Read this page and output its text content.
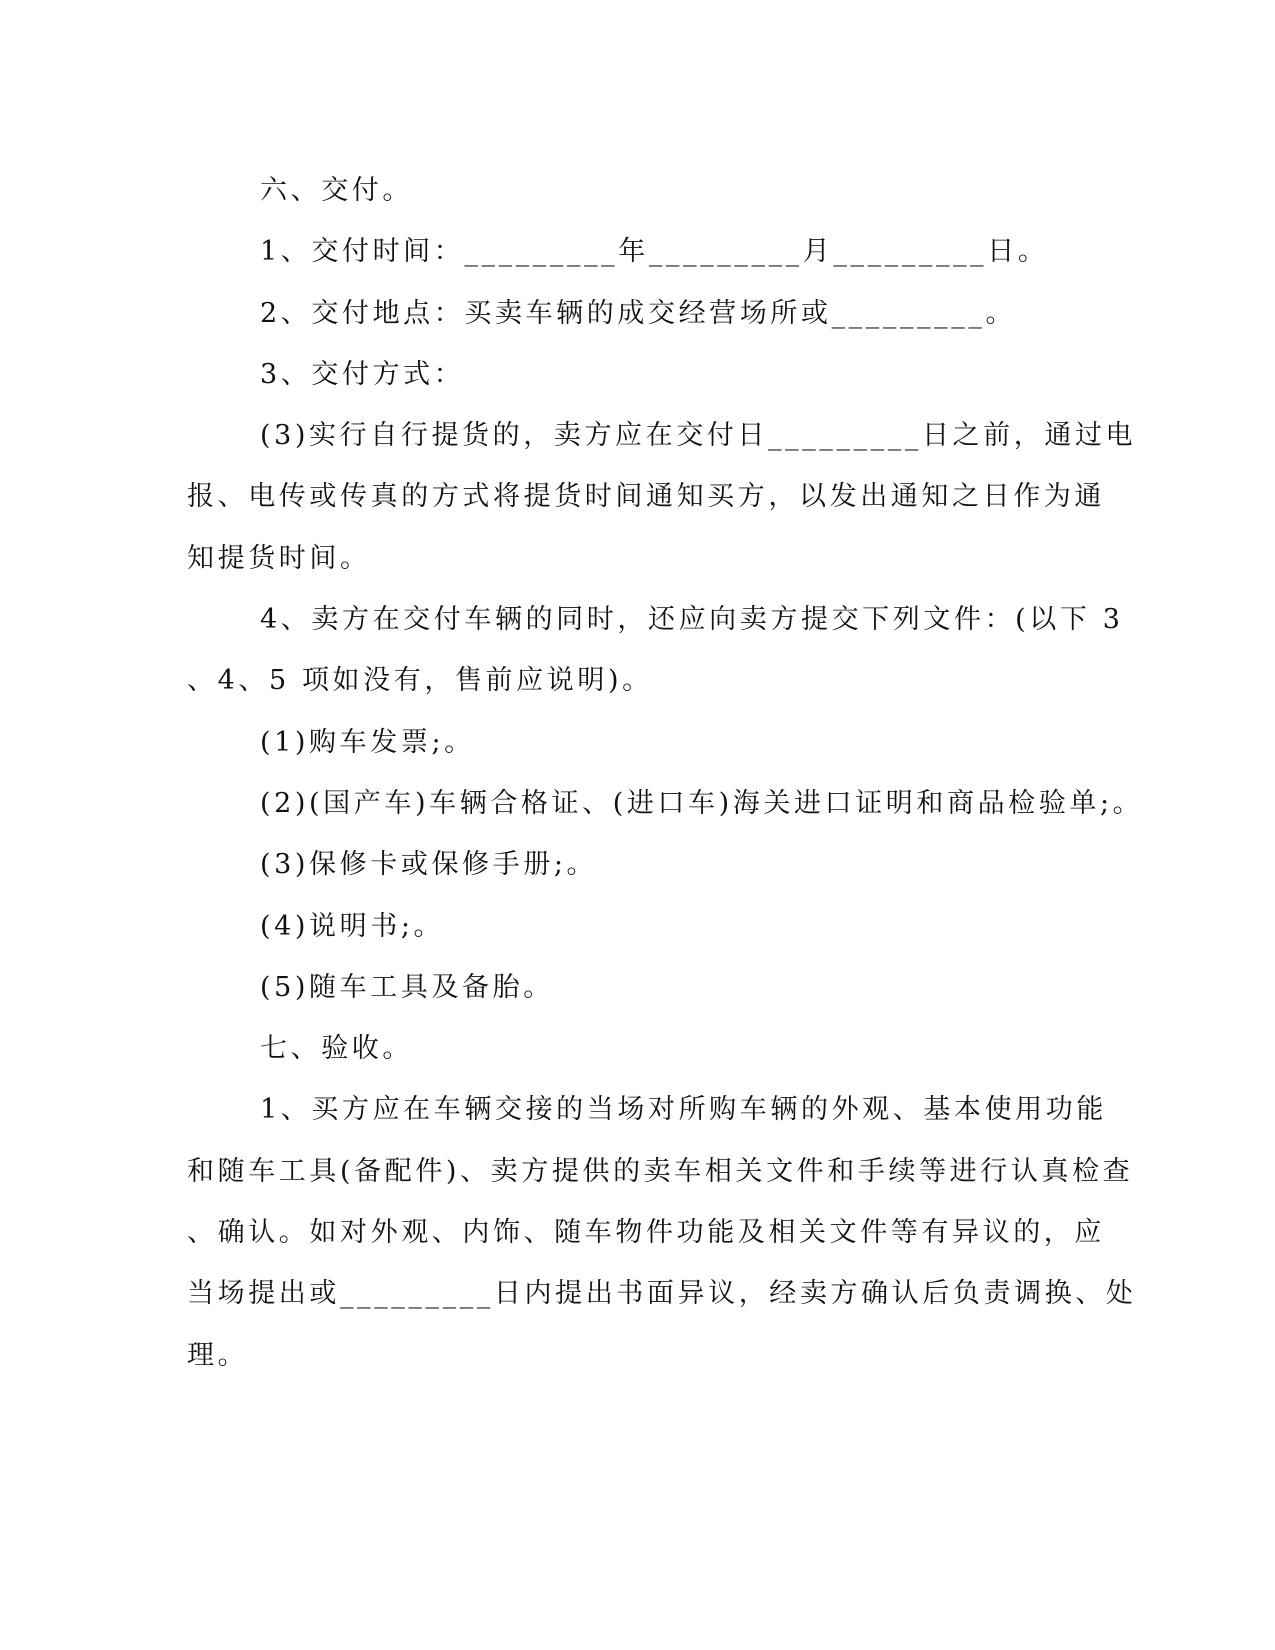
六、交付。
1、交付时间：_________年_________月_________日。
2、交付地点：买卖车辆的成交经营场所或_________。
3、交付方式：
(3)实行自行提货的，卖方应在交付日_________日之前，通过电
报、电传或传真的方式将提货时间通知买方，以发出通知之日作为通
知提货时间。
4、卖方在交付车辆的同时，还应向卖方提交下列文件：(以下 3
、4、5 项如没有，售前应说明)。
(1)购车发票;。
(2)(国产车)车辆合格证、(进口车)海关进口证明和商品检验单;。
(3)保修卡或保修手册;。
(4)说明书;。
(5)随车工具及备胎。
七、验收。
1、买方应在车辆交接的当场对所购车辆的外观、基本使用功能
和随车工具(备配件)、卖方提供的卖车相关文件和手续等进行认真检查
、确认。如对外观、内饰、随车物件功能及相关文件等有异议的，应
当场提出或_________日内提出书面异议，经卖方确认后负责调换、处
理。
